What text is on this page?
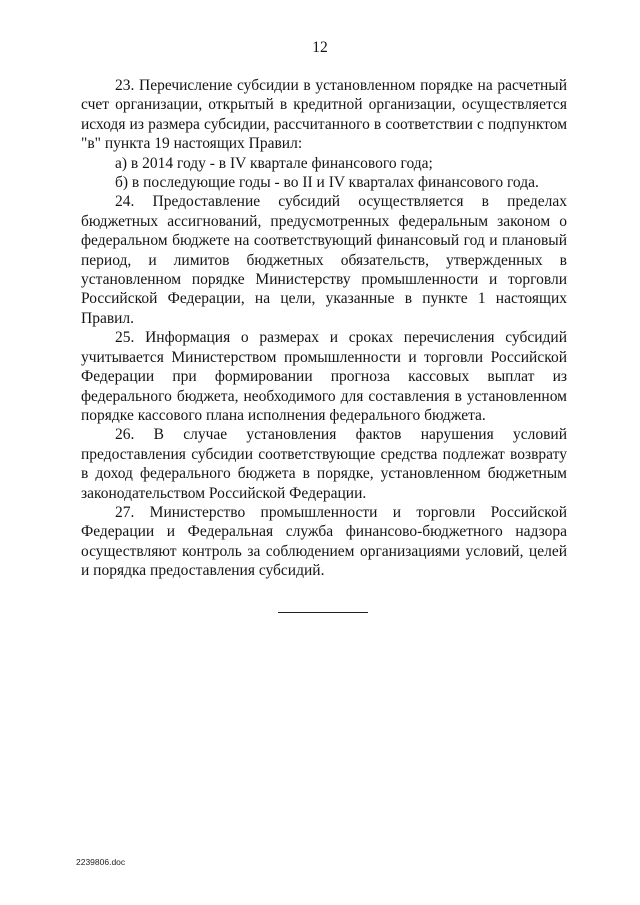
12

23. Перечисление субсидии в установленном порядке на расчетный счет организации, открытый в кредитной организации, осуществляется исходя из размера субсидии, рассчитанного в соответствии с подпунктом "в" пункта 19 настоящих Правил:

а) в 2014 году - в IV квартале финансового года;

б) в последующие годы - во II и IV кварталах финансового года.

24. Предоставление субсидий осуществляется в пределах бюджетных ассигнований, предусмотренных федеральным законом о федеральном бюджете на соответствующий финансовый год и плановый период, и лимитов бюджетных обязательств, утвержденных в установленном порядке Министерству промышленности и торговли Российской Федерации, на цели, указанные в пункте 1 настоящих Правил.

25. Информация о размерах и сроках перечисления субсидий учитывается Министерством промышленности и торговли Российской Федерации при формировании прогноза кассовых выплат из федерального бюджета, необходимого для составления в установленном порядке кассового плана исполнения федерального бюджета.

26. В случае установления фактов нарушения условий предоставления субсидии соответствующие средства подлежат возврату в доход федерального бюджета в порядке, установленном бюджетным законодательством Российской Федерации.

27. Министерство промышленности и торговли Российской Федерации и Федеральная служба финансово-бюджетного надзора осуществляют контроль за соблюдением организациями условий, целей и порядка предоставления субсидий.

2239806.doc
